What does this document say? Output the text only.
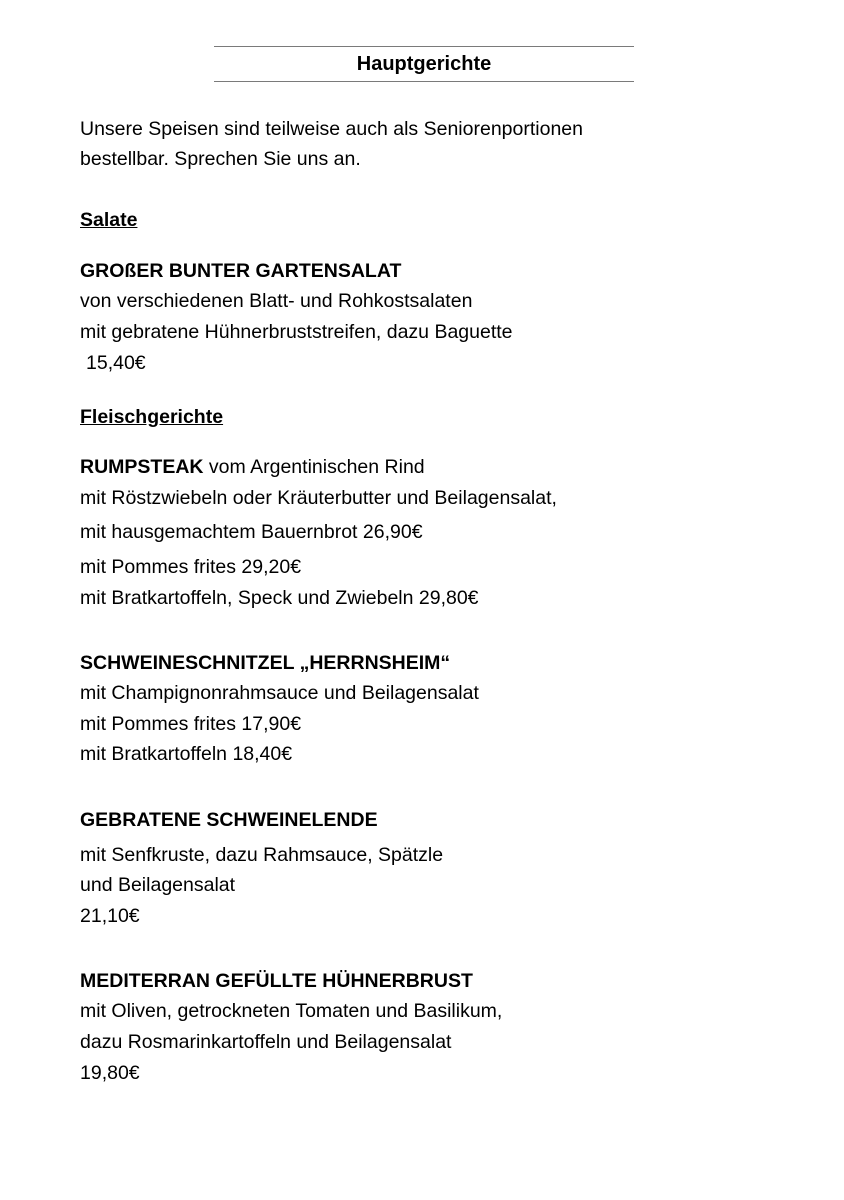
Hauptgerichte
Unsere Speisen sind teilweise auch als Seniorenportionen
bestellbar. Sprechen Sie uns an.
Salate
GROßER BUNTER GARTENSALAT
von verschiedenen Blatt- und Rohkostsalaten
mit gebratene Hühnerbruststreifen, dazu Baguette
15,40€
Fleischgerichte
RUMPSTEAK vom Argentinischen Rind
mit Röstzwiebeln oder Kräuterbutter und Beilagensalat,
mit hausgemachtem Bauernbrot 26,90€
mit Pommes frites 29,20€
mit Bratkartoffeln, Speck und Zwiebeln 29,80€
SCHWEINESCHNITZEL „HERRNSHEIM“
mit Champignonrahmsauce und Beilagensalat
mit Pommes frites 17,90€
mit Bratkartoffeln 18,40€
GEBRATENE SCHWEINELENDE
mit Senfkruste, dazu Rahmsauce, Spätzle
und Beilagensalat
21,10€
MEDITERRAN GEFÜLLTE HÜHNERBRUST
mit Oliven, getrockneten Tomaten und Basilikum,
dazu Rosmarinkartoffeln und Beilagensalat
19,80€
